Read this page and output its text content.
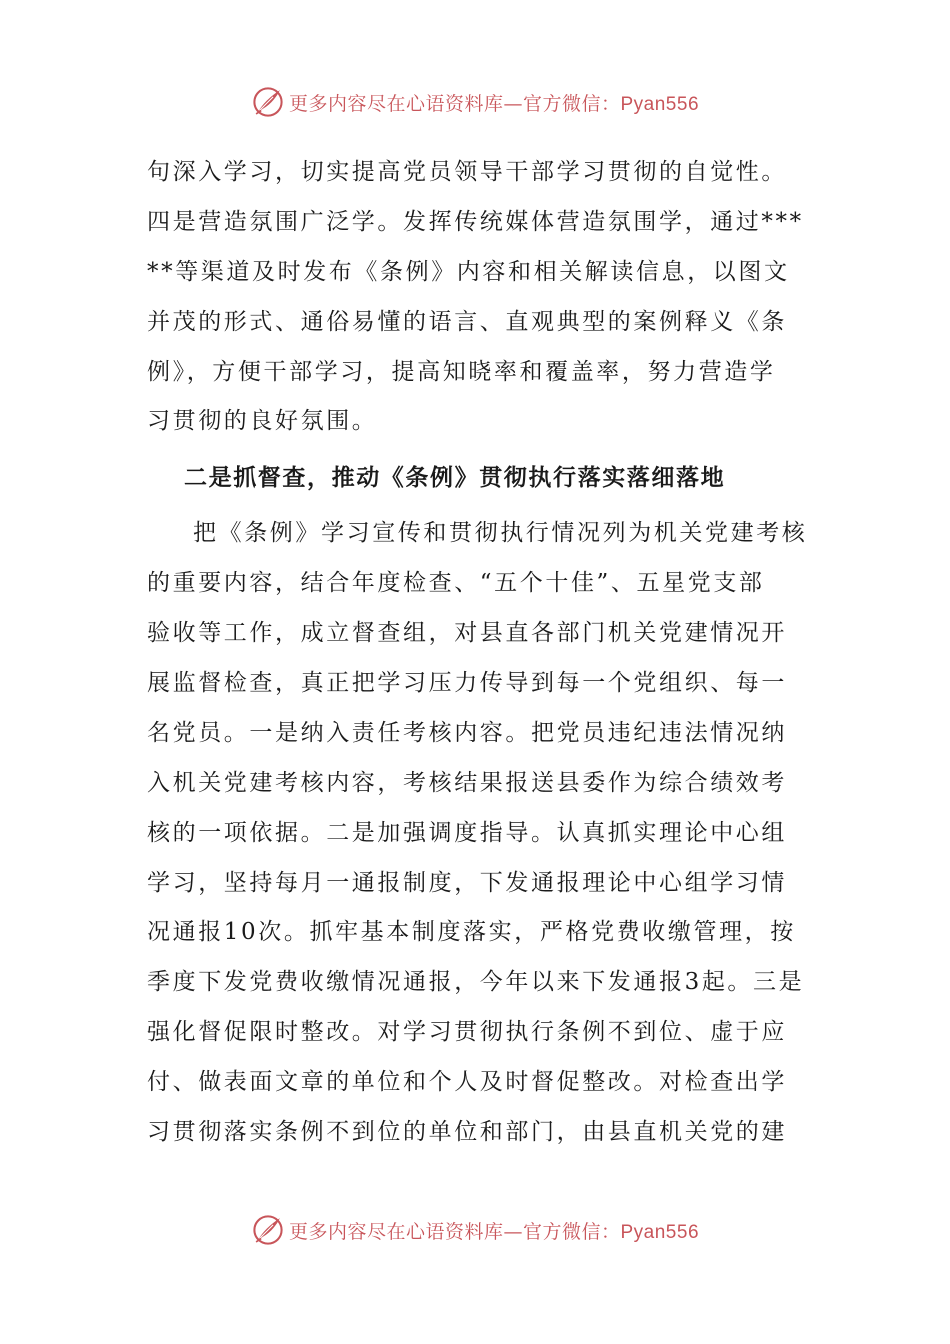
更多内容尽在心语资料库—官方微信：Pyan556
句深入学习，切实提高党员领导干部学习贯彻的自觉性。
四是营造氛围广泛学。发挥传统媒体营造氛围学，通过***
**等渠道及时发布《条例》内容和相关解读信息，以图文
并茂的形式、通俗易懂的语言、直观典型的案例释义《条
例》，方便干部学习，提高知晓率和覆盖率，努力营造学
习贯彻的良好氛围。
二是抓督查，推动《条例》贯彻执行落实落细落地
把《条例》学习宣传和贯彻执行情况列为机关党建考核
的重要内容，结合年度检查、“五个十佳”、五星党支部
验收等工作，成立督查组，对县直各部门机关党建情况开
展监督检查，真正把学习压力传导到每一个党组织、每一
名党员。一是纳入责任考核内容。把党员违纪违法情况纳
入机关党建考核内容，考核结果报送县委作为综合绩效考
核的一项依据。二是加强调度指导。认真抓实理论中心组
学习，坚持每月一通报制度，下发通报理论中心组学习情
况通报10次。抓牢基本制度落实，严格党费收缴管理，按
季度下发党费收缴情况通报，今年以来下发通报3起。三是
强化督促限时整改。对学习贯彻执行条例不到位、虚于应
付、做表面文章的单位和个人及时督促整改。对检查出学
习贯彻落实条例不到位的单位和部门，由县直机关党的建
更多内容尽在心语资料库—官方微信：Pyan556
